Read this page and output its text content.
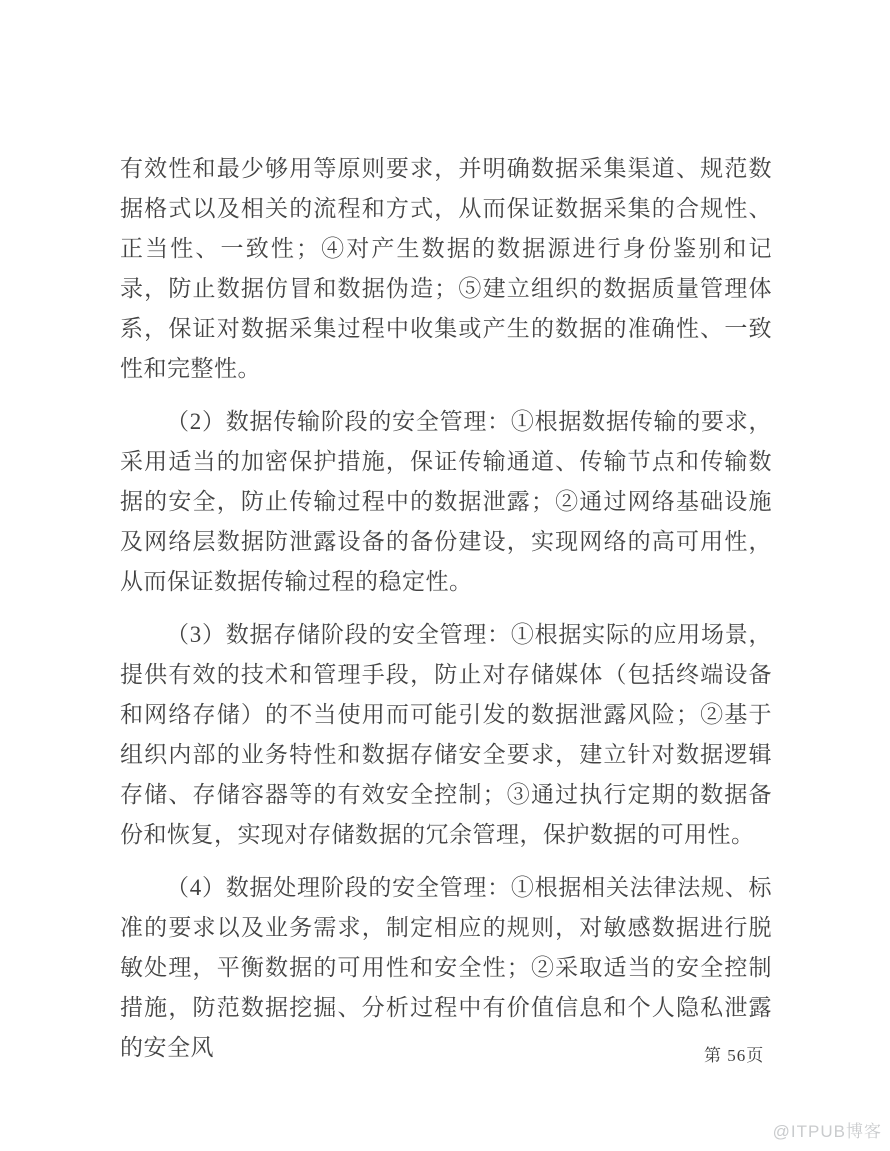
有效性和最少够用等原则要求，并明确数据采集渠道、规范数据格式以及相关的流程和方式，从而保证数据采集的合规性、正当性、一致性；④对产生数据的数据源进行身份鉴别和记录，防止数据仿冒和数据伪造；⑤建立组织的数据质量管理体系，保证对数据采集过程中收集或产生的数据的准确性、一致性和完整性。

（2）数据传输阶段的安全管理：①根据数据传输的要求，采用适当的加密保护措施，保证传输通道、传输节点和传输数据的安全，防止传输过程中的数据泄露；②通过网络基础设施及网络层数据防泄露设备的备份建设，实现网络的高可用性，从而保证数据传输过程的稳定性。

（3）数据存储阶段的安全管理：①根据实际的应用场景，提供有效的技术和管理手段，防止对存储媒体（包括终端设备和网络存储）的不当使用而可能引发的数据泄露风险；②基于组织内部的业务特性和数据存储安全要求，建立针对数据逻辑存储、存储容器等的有效安全控制；③通过执行定期的数据备份和恢复，实现对存储数据的冗余管理，保护数据的可用性。

（4）数据处理阶段的安全管理：①根据相关法律法规、标准的要求以及业务需求，制定相应的规则，对敏感数据进行脱敏处理，平衡数据的可用性和安全性；②采取适当的安全控制措施，防范数据挖掘、分析过程中有价值信息和个人隐私泄露的安全风	第 56页
@ITPUB博客
